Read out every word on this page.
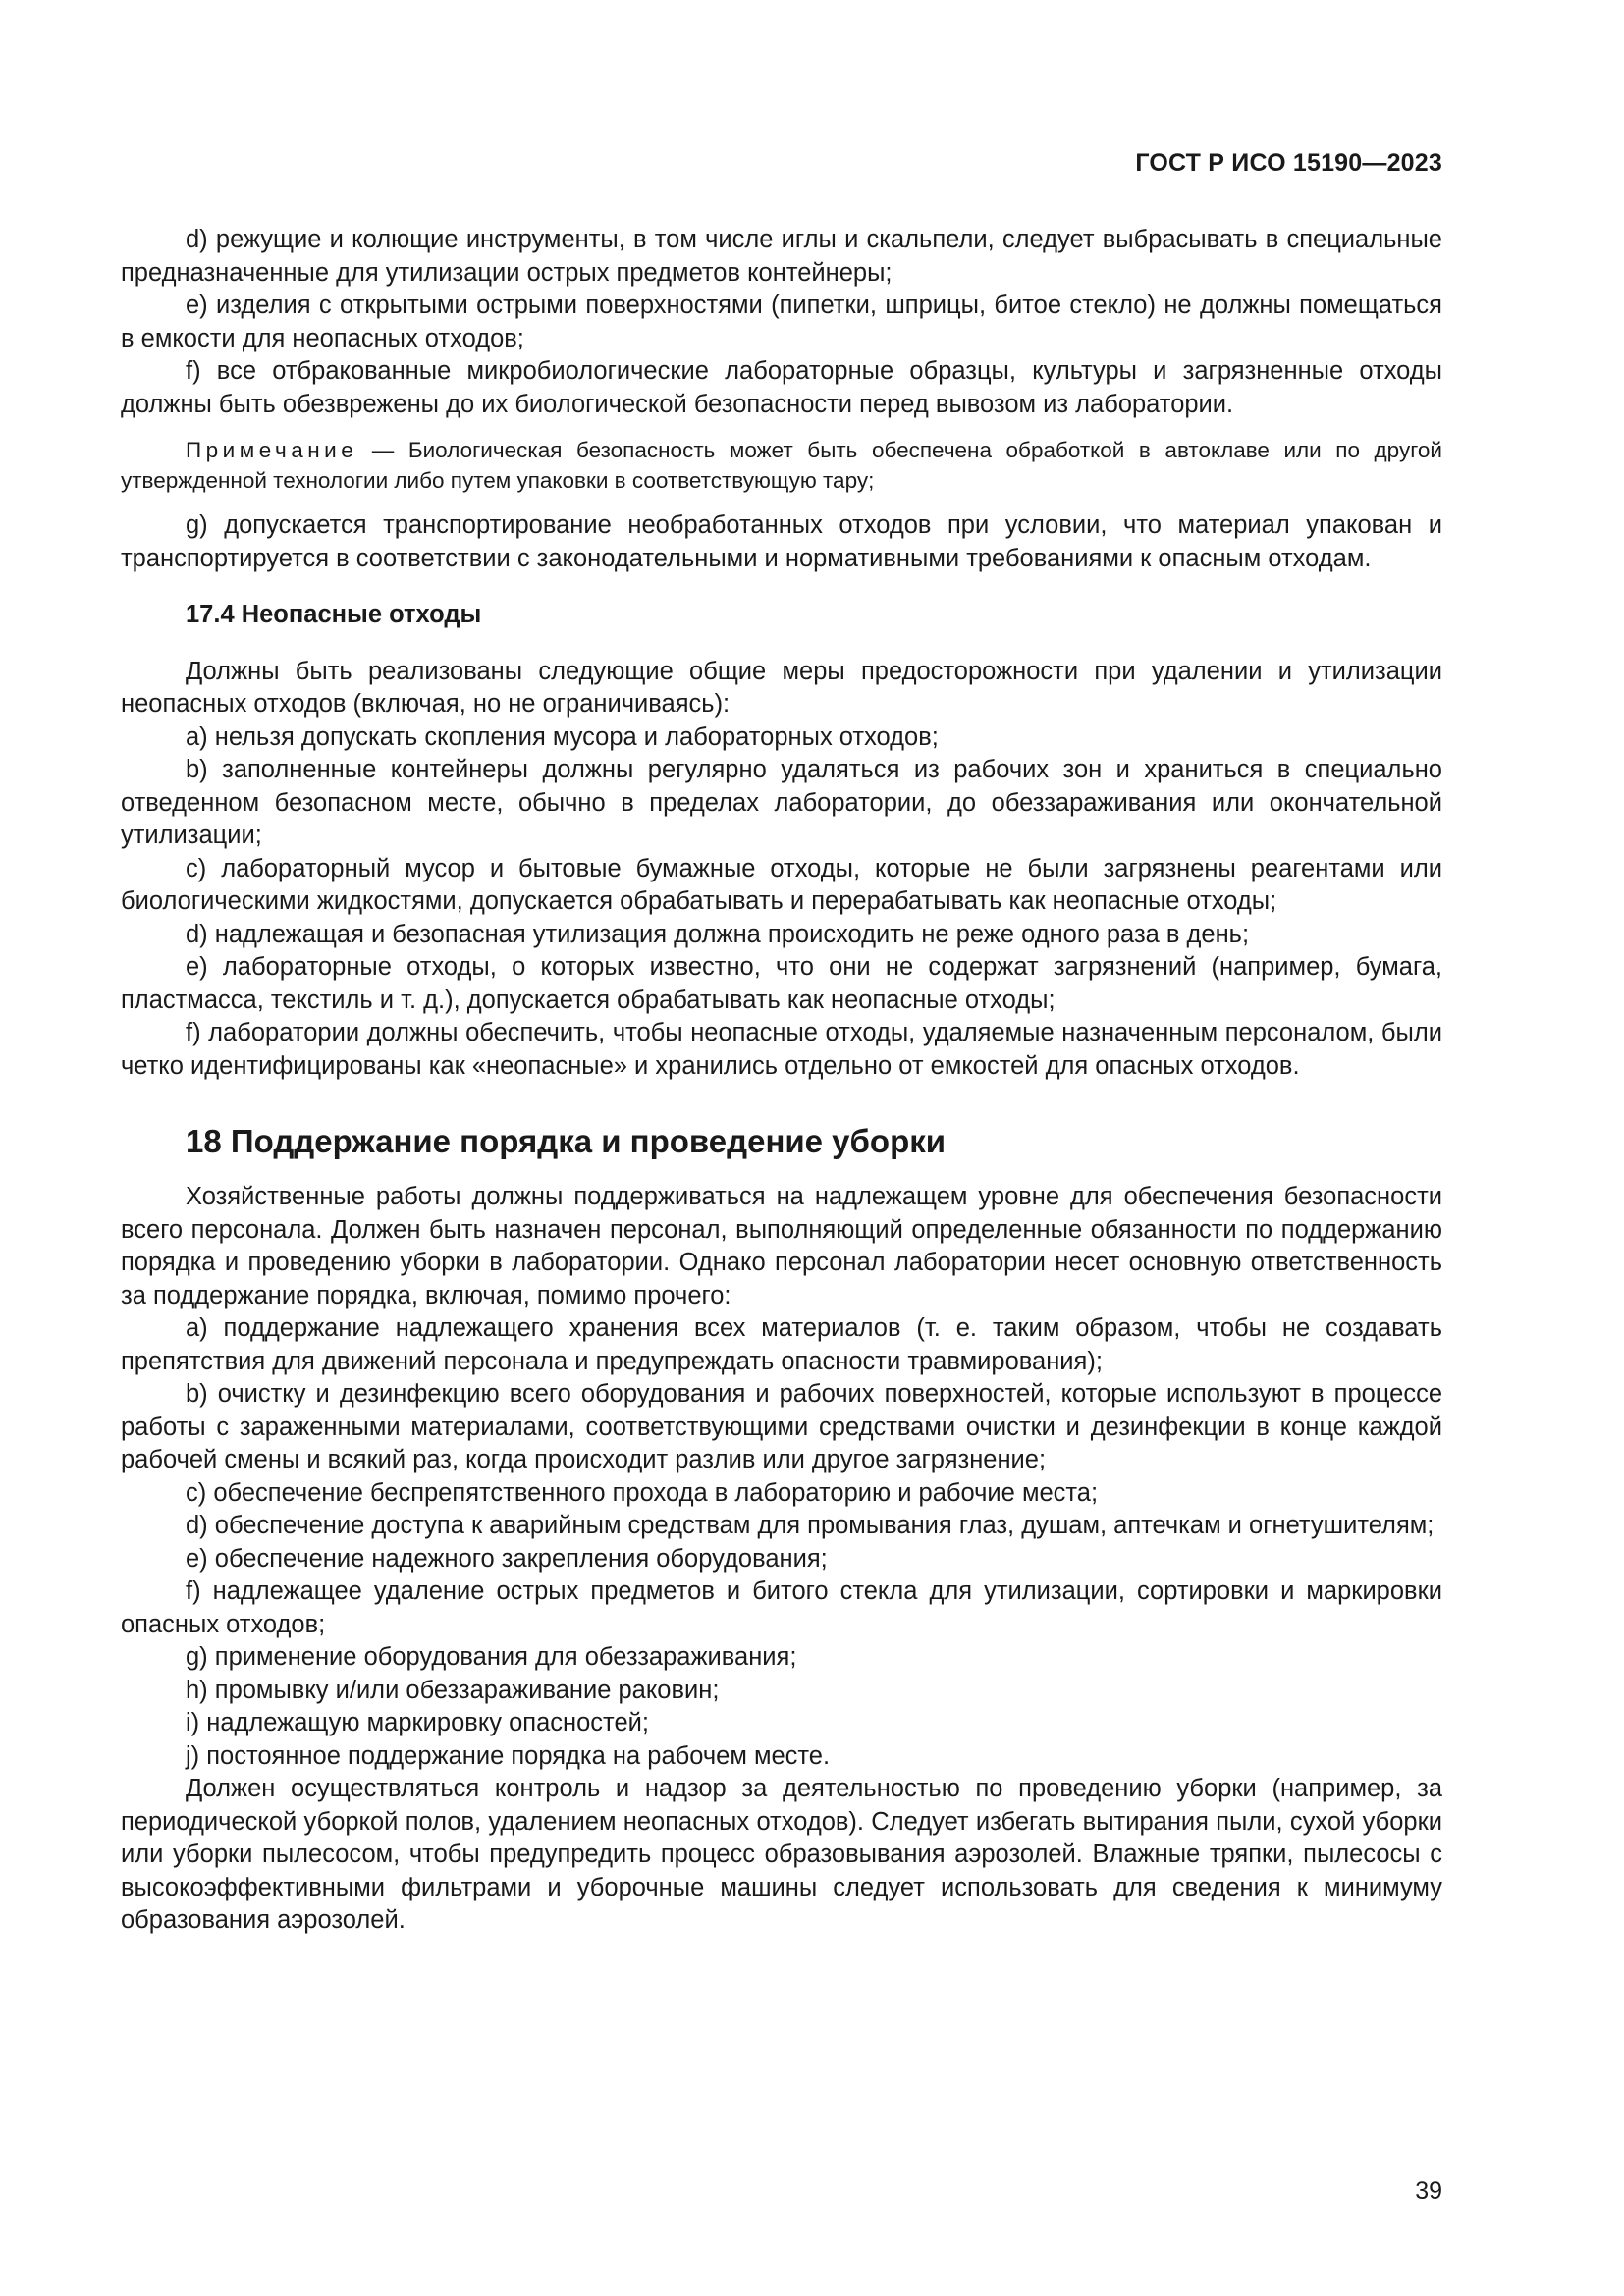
ГОСТ Р ИСО 15190—2023

d) режущие и колющие инструменты, в том числе иглы и скальпели, следует выбрасывать в специальные предназначенные для утилизации острых предметов контейнеры;

e) изделия с открытыми острыми поверхностями (пипетки, шприцы, битое стекло) не должны помещаться в емкости для неопасных отходов;

f) все отбракованные микробиологические лабораторные образцы, культуры и загрязненные отходы должны быть обезврежены до их биологической безопасности перед вывозом из лаборатории.

Примечание — Биологическая безопасность может быть обеспечена обработкой в автоклаве или по другой утвержденной технологии либо путем упаковки в соответствующую тару;

g) допускается транспортирование необработанных отходов при условии, что материал упакован и транспортируется в соответствии с законодательными и нормативными требованиями к опасным отходам.

17.4 Неопасные отходы

Должны быть реализованы следующие общие меры предосторожности при удалении и утилизации неопасных отходов (включая, но не ограничиваясь):

a) нельзя допускать скопления мусора и лабораторных отходов;

b) заполненные контейнеры должны регулярно удаляться из рабочих зон и храниться в специально отведенном безопасном месте, обычно в пределах лаборатории, до обеззараживания или окончательной утилизации;

c) лабораторный мусор и бытовые бумажные отходы, которые не были загрязнены реагентами или биологическими жидкостями, допускается обрабатывать и перерабатывать как неопасные отходы;

d) надлежащая и безопасная утилизация должна происходить не реже одного раза в день;

e) лабораторные отходы, о которых известно, что они не содержат загрязнений (например, бумага, пластмасса, текстиль и т. д.), допускается обрабатывать как неопасные отходы;

f) лаборатории должны обеспечить, чтобы неопасные отходы, удаляемые назначенным персоналом, были четко идентифицированы как «неопасные» и хранились отдельно от емкостей для опасных отходов.

18 Поддержание порядка и проведение уборки

Хозяйственные работы должны поддерживаться на надлежащем уровне для обеспечения безопасности всего персонала. Должен быть назначен персонал, выполняющий определенные обязанности по поддержанию порядка и проведению уборки в лаборатории. Однако персонал лаборатории несет основную ответственность за поддержание порядка, включая, помимо прочего:

a) поддержание надлежащего хранения всех материалов (т. е. таким образом, чтобы не создавать препятствия для движений персонала и предупреждать опасности травмирования);

b) очистку и дезинфекцию всего оборудования и рабочих поверхностей, которые используют в процессе работы с зараженными материалами, соответствующими средствами очистки и дезинфекции в конце каждой рабочей смены и всякий раз, когда происходит разлив или другое загрязнение;

c) обеспечение беспрепятственного прохода в лабораторию и рабочие места;

d) обеспечение доступа к аварийным средствам для промывания глаз, душам, аптечкам и огнетушителям;

e) обеспечение надежного закрепления оборудования;

f) надлежащее удаление острых предметов и битого стекла для утилизации, сортировки и маркировки опасных отходов;

g) применение оборудования для обеззараживания;

h) промывку и/или обеззараживание раковин;

i) надлежащую маркировку опасностей;

j) постоянное поддержание порядка на рабочем месте.

Должен осуществляться контроль и надзор за деятельностью по проведению уборки (например, за периодической уборкой полов, удалением неопасных отходов). Следует избегать вытирания пыли, сухой уборки или уборки пылесосом, чтобы предупредить процесс образовывания аэрозолей. Влажные тряпки, пылесосы с высокоэффективными фильтрами и уборочные машины следует использовать для сведения к минимуму образования аэрозолей.

39
